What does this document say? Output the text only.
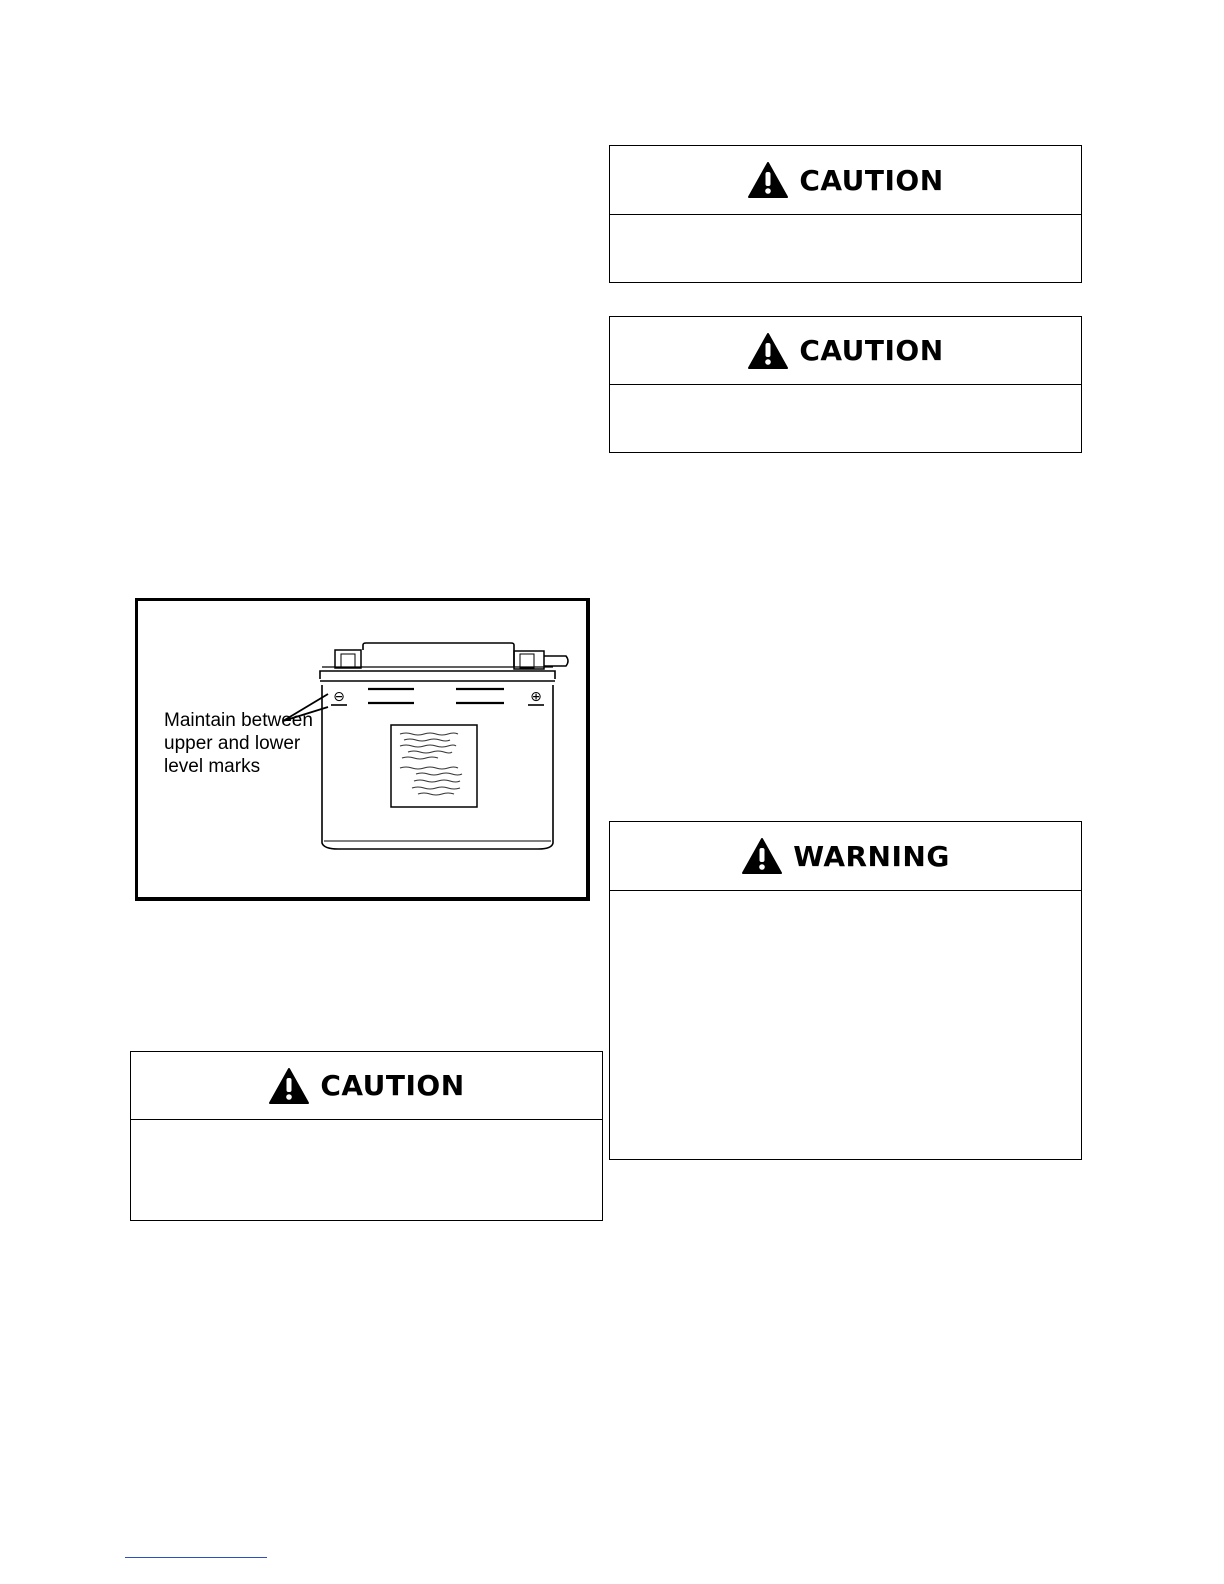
CAUTION
CAUTION
⊖	⊕
Maintain between upper and lower level marks
WARNING
CAUTION
